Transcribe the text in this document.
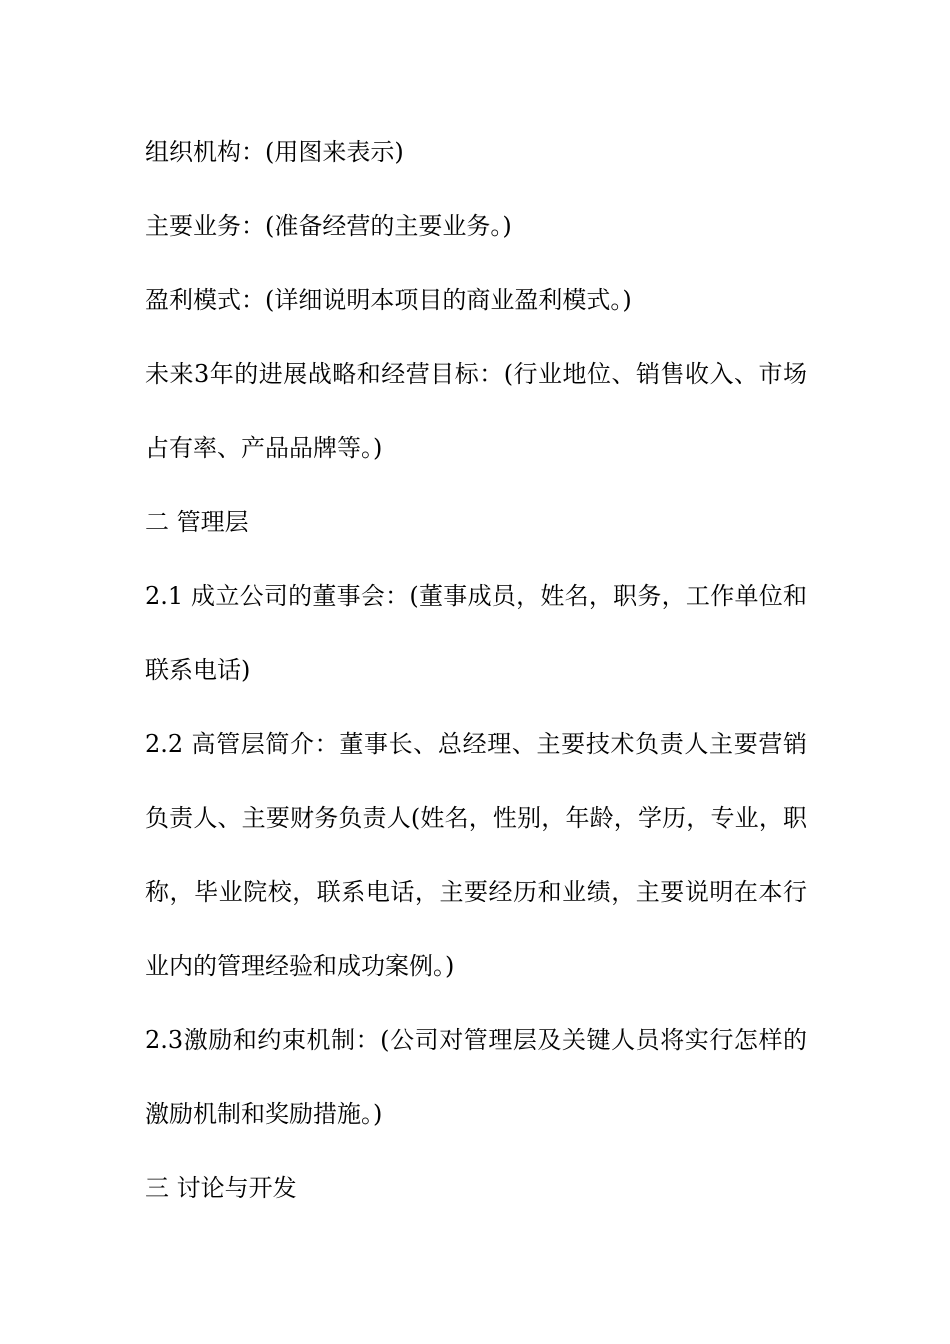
组织机构：(用图来表示)
主要业务：(准备经营的主要业务。)
盈利模式：(详细说明本项目的商业盈利模式。)
未来3年的进展战略和经营目标：(行业地位、销售收入、市场
占有率、产品品牌等。)
二 管理层
2.1 成立公司的董事会：(董事成员，姓名，职务，工作单位和
联系电话)
2.2 高管层简介：董事长、总经理、主要技术负责人主要营销
负责人、主要财务负责人(姓名，性别，年龄，学历，专业，职
称，毕业院校，联系电话，主要经历和业绩，主要说明在本行
业内的管理经验和成功案例。)
2.3激励和约束机制：(公司对管理层及关键人员将实行怎样的
激励机制和奖励措施。)
三 讨论与开发
